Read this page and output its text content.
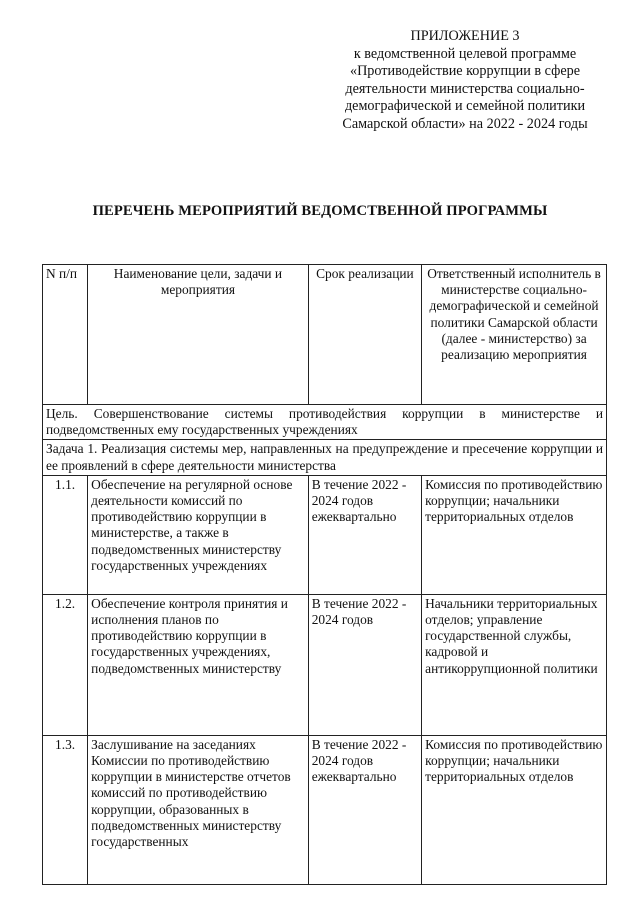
ПРИЛОЖЕНИЕ 3
к ведомственной целевой программе
«Противодействие коррупции в сфере
деятельности министерства социально-
демографической и семейной политики
Самарской области» на 2022 - 2024 годы
ПЕРЕЧЕНЬ МЕРОПРИЯТИЙ ВЕДОМСТВЕННОЙ ПРОГРАММЫ
N п/п	Наименование цели, задачи и мероприятия	Срок реализации	Ответственный исполнитель в министерстве социально-демографической и семейной политики Самарской области (далее - министерство) за реализацию мероприятия
Цель. Совершенствование системы противодействия коррупции в министерстве и подведомственных ему государственных учреждениях			
Задача 1. Реализация системы мер, направленных на предупреждение и пресечение коррупции и ее проявлений в сфере деятельности министерства			
1.1.	Обеспечение на регулярной основе деятельности комиссий по противодействию коррупции в министерстве, а также в подведомственных министерству государственных учреждениях	В течение 2022 - 2024 годов ежеквартально	Комиссия по противодействию коррупции; начальники территориальных отделов
1.2.	Обеспечение контроля принятия и исполнения планов по противодействию коррупции в государственных учреждениях, подведомственных министерству	В течение 2022 - 2024 годов	Начальники территориальных отделов; управление государственной службы, кадровой и антикоррупционной политики
1.3.	Заслушивание на заседаниях Комиссии по противодействию коррупции в министерстве отчетов комиссий по противодействию коррупции, образованных в подведомственных министерству государственных	В течение 2022 - 2024 годов ежеквартально	Комиссия по противодействию коррупции; начальники территориальных отделов
